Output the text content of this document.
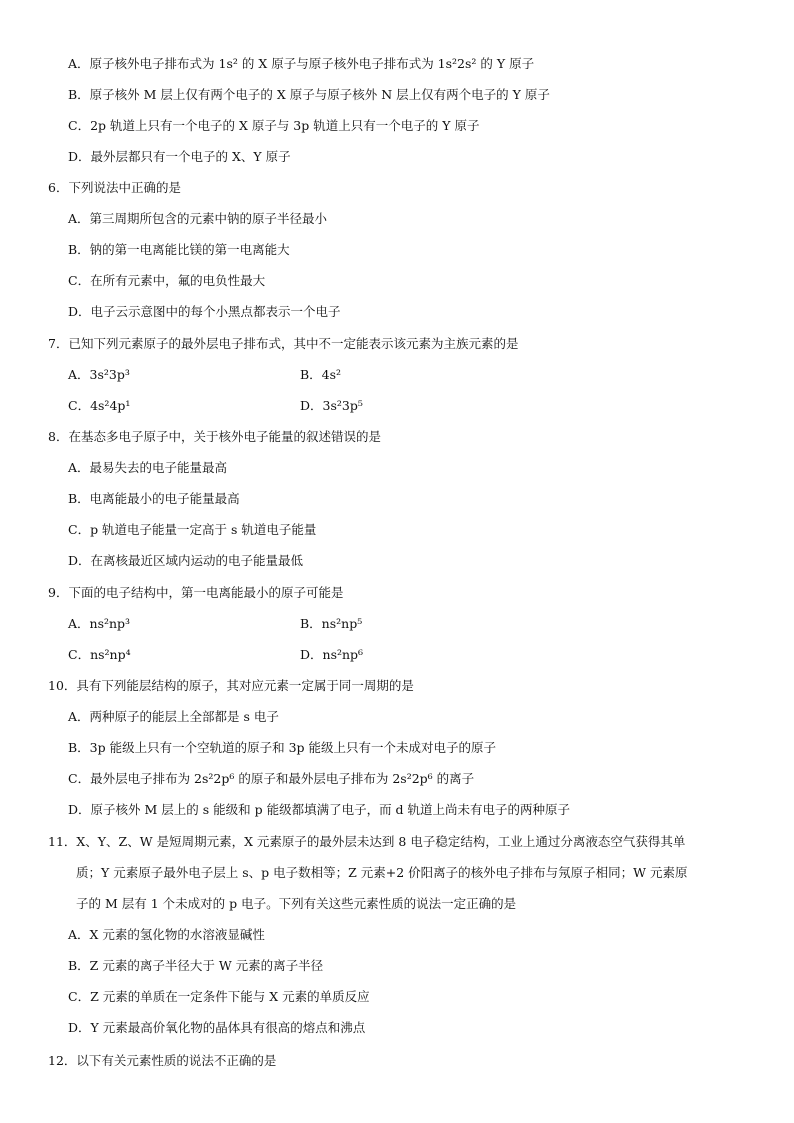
A．原子核外电子排布式为 1s² 的 X 原子与原子核外电子排布式为 1s²2s² 的 Y 原子
B．原子核外 M 层上仅有两个电子的 X 原子与原子核外 N 层上仅有两个电子的 Y 原子
C．2p 轨道上只有一个电子的 X 原子与 3p 轨道上只有一个电子的 Y 原子
D．最外层都只有一个电子的 X、Y 原子
6．下列说法中正确的是
A．第三周期所包含的元素中钠的原子半径最小
B．钠的第一电离能比镁的第一电离能大
C．在所有元素中，氟的电负性最大
D．电子云示意图中的每个小黑点都表示一个电子
7．已知下列元素原子的最外层电子排布式，其中不一定能表示该元素为主族元素的是
A．3s²3p³	B．4s²
C．4s²4p¹	D．3s²3p⁵
8．在基态多电子原子中，关于核外电子能量的叙述错误的是
A．最易失去的电子能量最高
B．电离能最小的电子能量最高
C．p 轨道电子能量一定高于 s 轨道电子能量
D．在离核最近区域内运动的电子能量最低
9．下面的电子结构中，第一电离能最小的原子可能是
A．ns²np³	B．ns²np⁵
C．ns²np⁴	D．ns²np⁶
10．具有下列能层结构的原子，其对应元素一定属于同一周期的是
A．两种原子的能层上全部都是 s 电子
B．3p 能级上只有一个空轨道的原子和 3p 能级上只有一个未成对电子的原子
C．最外层电子排布为 2s²2p⁶ 的原子和最外层电子排布为 2s²2p⁶ 的离子
D．原子核外 M 层上的 s 能级和 p 能级都填满了电子，而 d 轨道上尚未有电子的两种原子
11．X、Y、Z、W 是短周期元素，X 元素原子的最外层未达到 8 电子稳定结构，工业上通过分离液态空气获得其单
质；Y 元素原子最外电子层上 s、p 电子数相等；Z 元素+2 价阳离子的核外电子排布与氖原子相同；W 元素原
子的 M 层有 1 个未成对的 p 电子。下列有关这些元素性质的说法一定正确的是
A．X 元素的氢化物的水溶液显碱性
B．Z 元素的离子半径大于 W 元素的离子半径
C．Z 元素的单质在一定条件下能与 X 元素的单质反应
D．Y 元素最高价氧化物的晶体具有很高的熔点和沸点
12．以下有关元素性质的说法不正确的是
